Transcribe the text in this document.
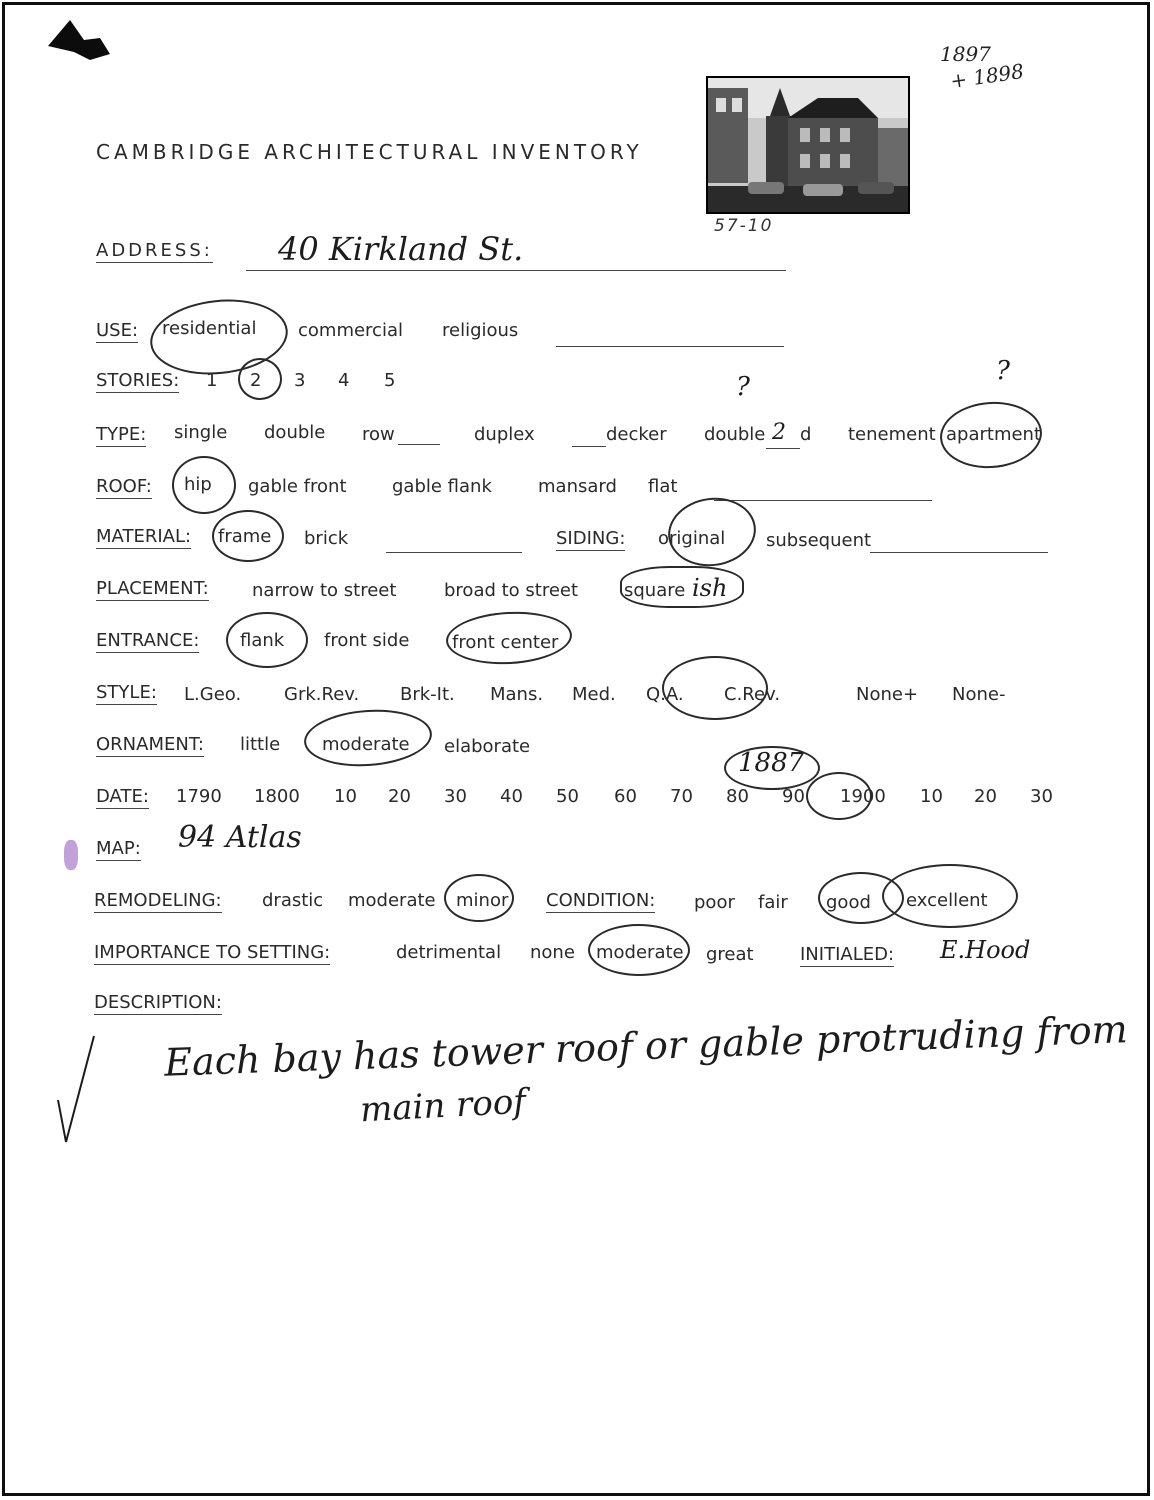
1897
+ 1898
CAMBRIDGE ARCHITECTURAL INVENTORY
57-10
ADDRESS: 40 Kirkland St.
USE: residential commercial religious
STORIES: 1 2 3 4 5	?
?
TYPE: single double row	duplex	decker double 2 d tenement apartment
ROOF: hip gable front	gable flank	mansard flat
MATERIAL: frame brick	SIDING: original subsequent
PLACEMENT: narrow to street	broad to street	square ish
ENTRANCE: flank front side front center
STYLE: L.Geo. Grk.Rev. Brk-It. Mans. Med. Q.A. C.Rev.	None+ None-
ORNAMENT: little moderate elaborate
1887
DATE: 1790 1800 10 20 30 40 50 60 70 80 90 1900 10 20 30
MAP: 94 Atlas
REMODELING: drastic moderate minor CONDITION: poor fair good excellent
IMPORTANCE TO SETTING:	detrimental none moderate great	INITIALED: E.Hood
DESCRIPTION:
Each bay has tower roof or gable protruding from
main roof
